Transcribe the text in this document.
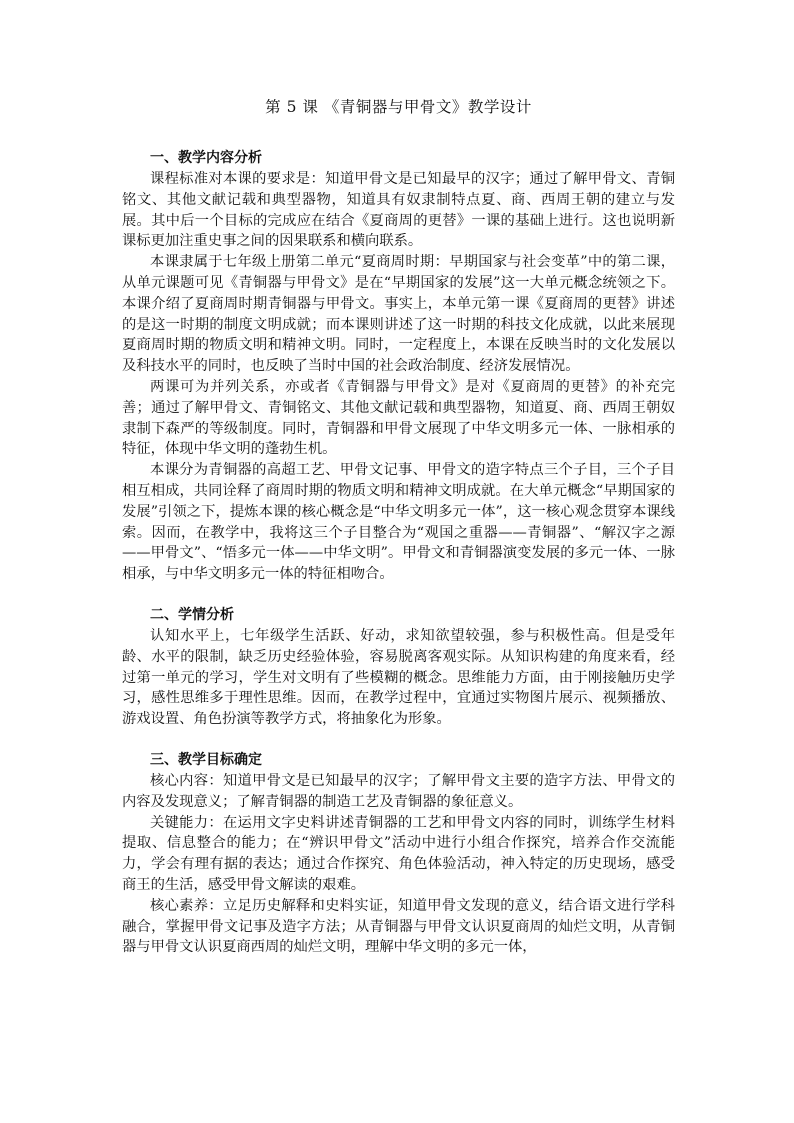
第 5 课 《青铜器与甲骨文》教学设计
一、教学内容分析

课程标准对本课的要求是：知道甲骨文是已知最早的汉字；通过了解甲骨文、青铜铭文、其他文献记载和典型器物，知道具有奴隶制特点夏、商、西周王朝的建立与发展。其中后一个目标的完成应在结合《夏商周的更替》一课的基础上进行。这也说明新课标更加注重史事之间的因果联系和横向联系。

本课隶属于七年级上册第二单元“夏商周时期：早期国家与社会变革”中的第二课，从单元课题可见《青铜器与甲骨文》是在“早期国家的发展”这一大单元概念统领之下。本课介绍了夏商周时期青铜器与甲骨文。事实上，本单元第一课《夏商周的更替》讲述的是这一时期的制度文明成就；而本课则讲述了这一时期的科技文化成就，以此来展现夏商周时期的物质文明和精神文明。同时，一定程度上，本课在反映当时的文化发展以及科技水平的同时，也反映了当时中国的社会政治制度、经济发展情况。

两课可为并列关系，亦或者《青铜器与甲骨文》是对《夏商周的更替》的补充完善；通过了解甲骨文、青铜铭文、其他文献记载和典型器物，知道夏、商、西周王朝奴隶制下森严的等级制度。同时，青铜器和甲骨文展现了中华文明多元一体、一脉相承的特征，体现中华文明的蓬勃生机。

本课分为青铜器的高超工艺、甲骨文记事、甲骨文的造字特点三个子目，三个子目相互相成，共同诠释了商周时期的物质文明和精神文明成就。在大单元概念“早期国家的发展”引领之下，提炼本课的核心概念是“中华文明多元一体”，这一核心观念贯穿本课线索。因而，在教学中，我将这三个子目整合为“观国之重器——青铜器”、“解汉字之源——甲骨文”、“悟多元一体——中华文明”。甲骨文和青铜器演变发展的多元一体、一脉相承，与中华文明多元一体的特征相吻合。

二、学情分析

认知水平上，七年级学生活跃、好动，求知欲望较强，参与积极性高。但是受年龄、水平的限制，缺乏历史经验体验，容易脱离客观实际。从知识构建的角度来看，经过第一单元的学习，学生对文明有了些模糊的概念。思维能力方面，由于刚接触历史学习，感性思维多于理性思维。因而，在教学过程中，宜通过实物图片展示、视频播放、游戏设置、角色扮演等教学方式，将抽象化为形象。

三、教学目标确定

核心内容：知道甲骨文是已知最早的汉字；了解甲骨文主要的造字方法、甲骨文的内容及发现意义；了解青铜器的制造工艺及青铜器的象征意义。

关键能力：在运用文字史料讲述青铜器的工艺和甲骨文内容的同时，训练学生材料提取、信息整合的能力；在“辨识甲骨文”活动中进行小组合作探究，培养合作交流能力，学会有理有据的表达；通过合作探究、角色体验活动，神入特定的历史现场，感受商王的生活，感受甲骨文解读的艰难。

核心素养：立足历史解释和史料实证，知道甲骨文发现的意义，结合语文进行学科融合，掌握甲骨文记事及造字方法；从青铜器与甲骨文认识夏商周的灿烂文明，从青铜器与甲骨文认识夏商西周的灿烂文明，理解中华文明的多元一体，
